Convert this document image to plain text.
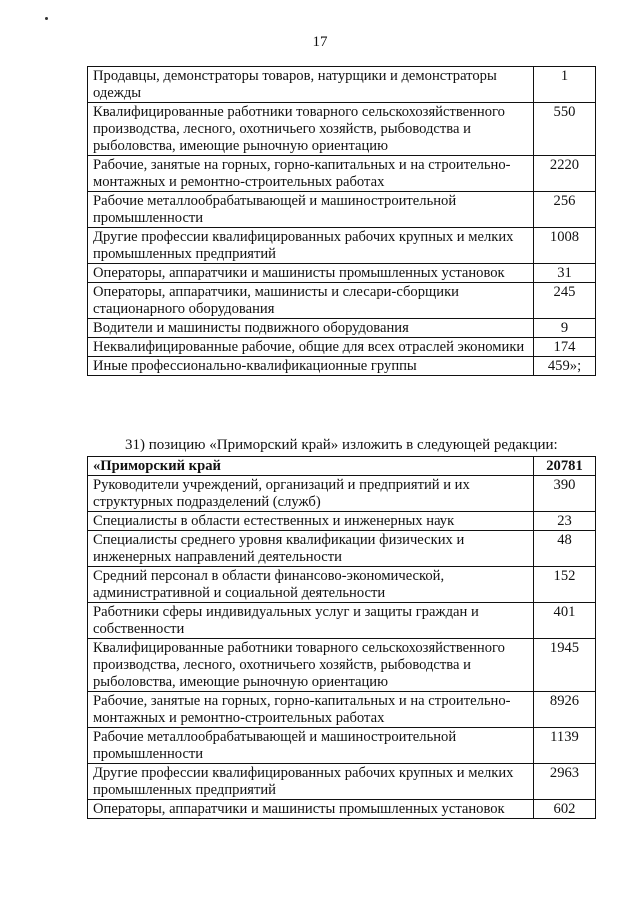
17
Продавцы, демонстраторы товаров, натурщики и демонстраторы одежды	1
Квалифицированные работники товарного сельскохозяйственного производства, лесного, охотничьего хозяйств, рыбоводства и рыболовства, имеющие рыночную ориентацию	550
Рабочие, занятые на горных, горно-капитальных и на строительно-монтажных и ремонтно-строительных работах	2220
Рабочие металлообрабатывающей и машиностроительной промышленности	256
Другие профессии квалифицированных рабочих крупных и мелких промышленных предприятий	1008
Операторы, аппаратчики и машинисты промышленных установок	31
Операторы, аппаратчики, машинисты и слесари-сборщики стационарного оборудования	245
Водители и машинисты подвижного оборудования	9
Неквалифицированные рабочие, общие для всех отраслей экономики	174
Иные профессионально-квалификационные группы	459»;
31) позицию «Приморский край» изложить в следующей редакции:
«Приморский край	20781
Руководители учреждений, организаций и предприятий и их структурных подразделений (служб)	390
Специалисты в области естественных и инженерных наук	23
Специалисты среднего уровня квалификации физических и инженерных направлений деятельности	48
Средний персонал в области финансово-экономической, административной и социальной деятельности	152
Работники сферы индивидуальных услуг и защиты граждан и собственности	401
Квалифицированные работники товарного сельскохозяйственного производства, лесного, охотничьего хозяйств, рыбоводства и рыболовства, имеющие рыночную ориентацию	1945
Рабочие, занятые на горных, горно-капитальных и на строительно-монтажных и ремонтно-строительных работах	8926
Рабочие металлообрабатывающей и машиностроительной промышленности	1139
Другие профессии квалифицированных рабочих крупных и мелких промышленных предприятий	2963
Операторы, аппаратчики и машинисты промышленных установок	602
